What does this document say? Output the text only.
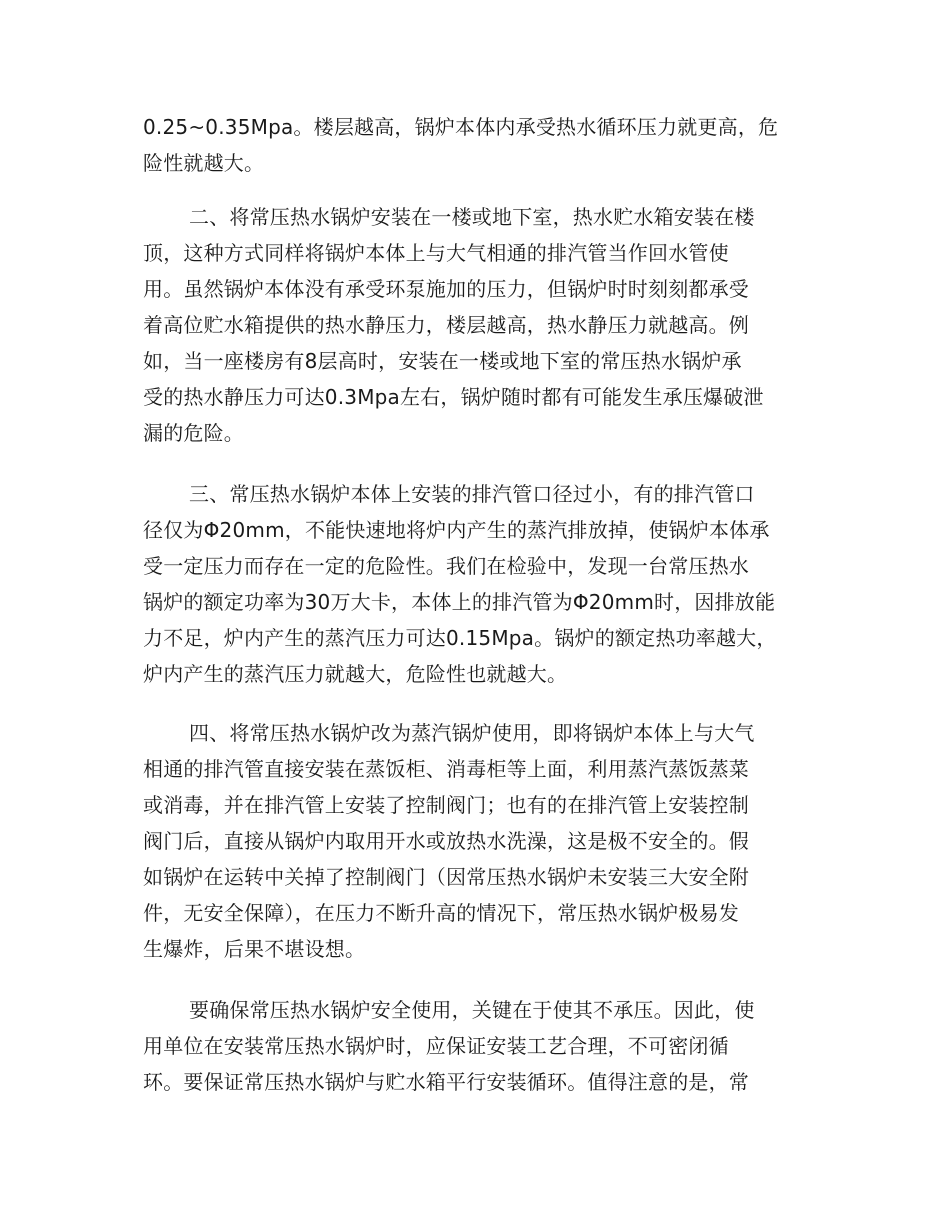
0.25~0.35Mpa。楼层越高，锅炉本体内承受热水循环压力就更高，危
险性就越大。
二、将常压热水锅炉安装在一楼或地下室，热水贮水箱安装在楼
顶，这种方式同样将锅炉本体上与大气相通的排汽管当作回水管使
用。虽然锅炉本体没有承受环泵施加的压力，但锅炉时时刻刻都承受
着高位贮水箱提供的热水静压力，楼层越高，热水静压力就越高。例
如，当一座楼房有8层高时，安装在一楼或地下室的常压热水锅炉承
受的热水静压力可达0.3Mpa左右，锅炉随时都有可能发生承压爆破泄
漏的危险。
三、常压热水锅炉本体上安装的排汽管口径过小，有的排汽管口
径仅为Φ20mm，不能快速地将炉内产生的蒸汽排放掉，使锅炉本体承
受一定压力而存在一定的危险性。我们在检验中，发现一台常压热水
锅炉的额定功率为30万大卡，本体上的排汽管为Φ20mm时，因排放能
力不足，炉内产生的蒸汽压力可达0.15Mpa。锅炉的额定热功率越大，
炉内产生的蒸汽压力就越大，危险性也就越大。
四、将常压热水锅炉改为蒸汽锅炉使用，即将锅炉本体上与大气
相通的排汽管直接安装在蒸饭柜、消毒柜等上面，利用蒸汽蒸饭蒸菜
或消毒，并在排汽管上安装了控制阀门；也有的在排汽管上安装控制
阀门后，直接从锅炉内取用开水或放热水洗澡，这是极不安全的。假
如锅炉在运转中关掉了控制阀门（因常压热水锅炉未安装三大安全附
件，无安全保障），在压力不断升高的情况下，常压热水锅炉极易发
生爆炸，后果不堪设想。
要确保常压热水锅炉安全使用，关键在于使其不承压。因此，使
用单位在安装常压热水锅炉时，应保证安装工艺合理，不可密闭循
环。要保证常压热水锅炉与贮水箱平行安装循环。值得注意的是，常
